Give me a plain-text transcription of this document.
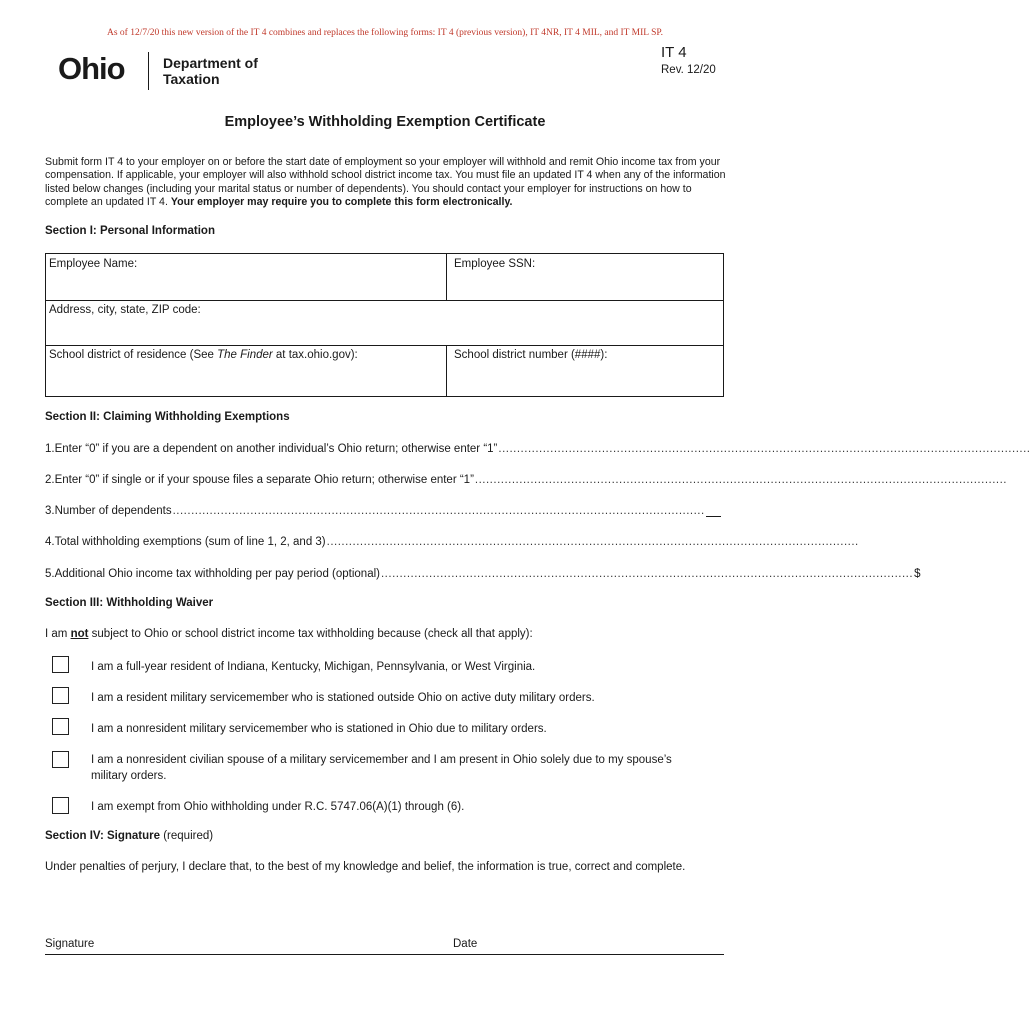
As of 12/7/20 this new version of the IT 4 combines and replaces the following forms: IT 4 (previous version), IT 4NR, IT 4 MIL, and IT MIL SP.
Ohio	Department of
Taxation
IT 4
Rev. 12/20
Employee’s Withholding Exemption Certificate
Submit form IT 4 to your employer on or before the start date of employment so your employer will withhold and remit Ohio income tax from your compensation. If applicable, your employer will also withhold school district income tax. You must file an updated IT 4 when any of the information listed below changes (including your marital status or number of dependents). You should contact your employer for instructions on how to complete an updated IT 4. Your employer may require you to complete this form electronically.
Section I: Personal Information
Employee Name:	Employee SSN:
Address, city, state, ZIP code:
School district of residence (See The Finder at tax.ohio.gov):	School district number (####):
Section II: Claiming Withholding Exemptions
1. Enter “0” if you are a dependent on another individual’s Ohio return; otherwise enter “1” ................................................................................................................................................
2. Enter “0” if single or if your spouse files a separate Ohio return; otherwise enter “1” ................................................................................................................................................
3. Number of dependents ................................................................................................................................................
4. Total withholding exemptions (sum of line 1, 2, and 3) ................................................................................................................................................
5. Additional Ohio income tax withholding per pay period (optional) ................................................................................................................................................ $
Section III: Withholding Waiver
I am not subject to Ohio or school district income tax withholding because (check all that apply):
I am a full-year resident of Indiana, Kentucky, Michigan, Pennsylvania, or West Virginia.
I am a resident military servicemember who is stationed outside Ohio on active duty military orders.
I am a nonresident military servicemember who is stationed in Ohio due to military orders.
I am a nonresident civilian spouse of a military servicemember and I am present in Ohio solely due to my spouse’s military orders.
I am exempt from Ohio withholding under R.C. 5747.06(A)(1) through (6).
Section IV: Signature (required)
Under penalties of perjury, I declare that, to the best of my knowledge and belief, the information is true, correct and complete.
Signature	Date
